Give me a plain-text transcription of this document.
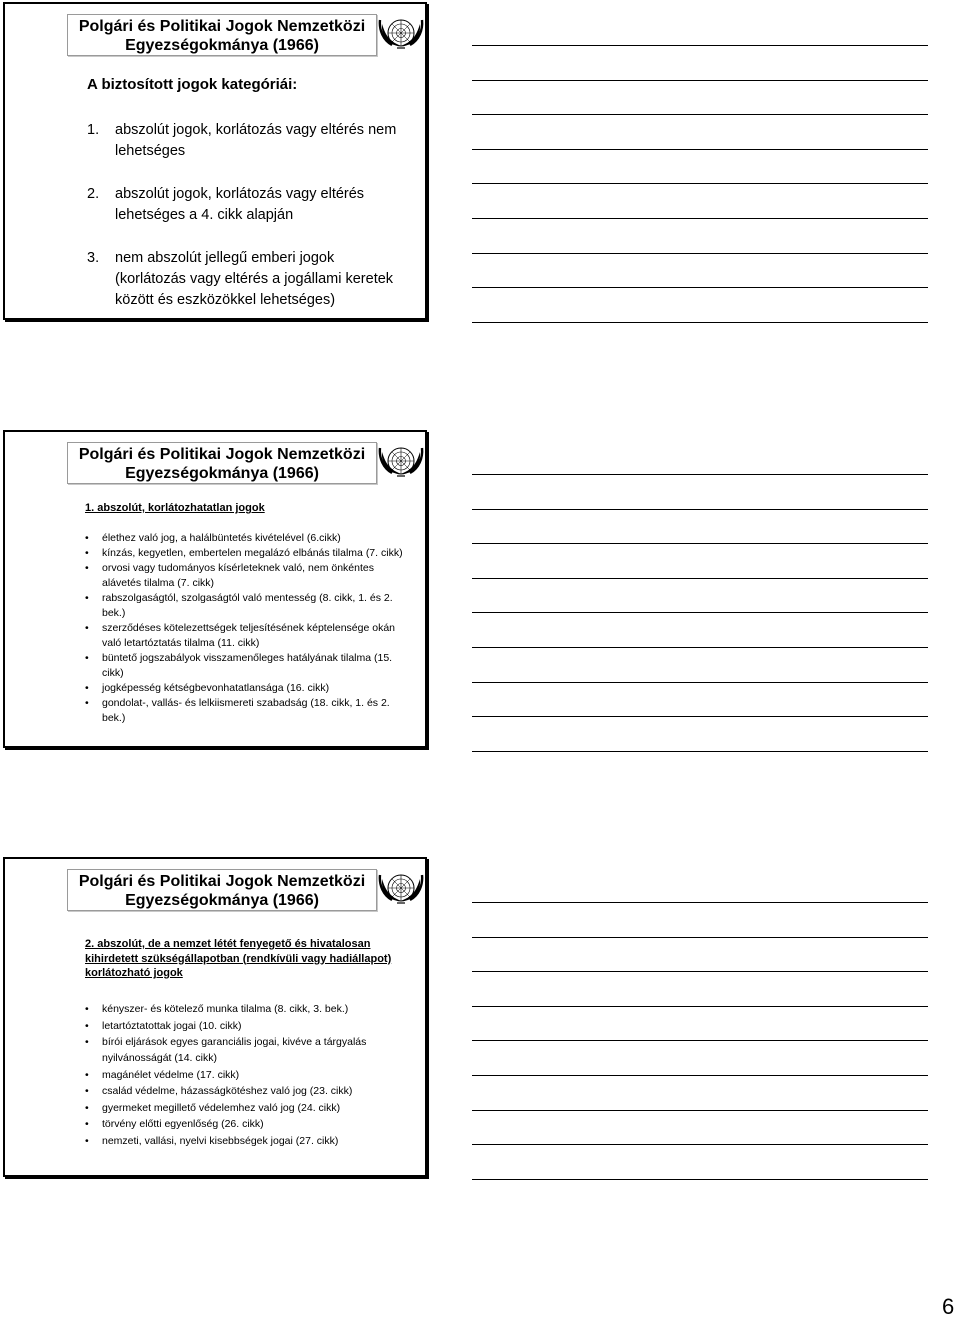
Polgári és Politikai Jogok Nemzetközi Egyezségokmánya (1966)
A biztosított jogok kategóriái:
1. abszolút jogok, korlátozás vagy eltérés nem lehetséges
2. abszolút jogok, korlátozás vagy eltérés lehetséges a 4. cikk alapján
3. nem abszolút jellegű emberi jogok (korlátozás vagy eltérés a jogállami keretek között és eszközökkel lehetséges)
Polgári és Politikai Jogok Nemzetközi Egyezségokmánya (1966)
1. abszolút, korlátozhatatlan jogok
• élethez való jog, a halálbüntetés kivételével (6.cikk)
• kínzás, kegyetlen, embertelen megalázó elbánás tilalma (7. cikk)
• orvosi vagy tudományos kísérleteknek való, nem önkéntes alávetés tilalma (7. cikk)
• rabszolgaságtól, szolgaságtól való mentesség (8. cikk, 1. és 2. bek.)
• szerződéses kötelezettségek teljesítésének képtelensége okán való letartóztatás tilalma (11. cikk)
• büntető jogszabályok visszamenőleges hatályának tilalma (15. cikk)
• jogképesség kétségbevonhatatlansága (16. cikk)
• gondolat-, vallás- és lelkiismereti szabadság (18. cikk, 1. és 2. bek.)
Polgári és Politikai Jogok Nemzetközi Egyezségokmánya (1966)
2. abszolút, de a nemzet létét fenyegető és hivatalosan kihirdetett szükségállapotban (rendkívüli vagy hadiállapot) korlátozható jogok
• kényszer- és kötelező munka tilalma (8. cikk, 3. bek.)
• letartóztatottak jogai (10. cikk)
• bírói eljárások egyes garanciális jogai, kivéve a tárgyalás nyilvánosságát (14. cikk)
• magánélet védelme (17. cikk)
• család védelme, házasságkötéshez való jog (23. cikk)
• gyermeket megillető védelemhez való jog (24. cikk)
• törvény előtti egyenlőség (26. cikk)
• nemzeti, vallási, nyelvi kisebbségek jogai (27. cikk)
6
